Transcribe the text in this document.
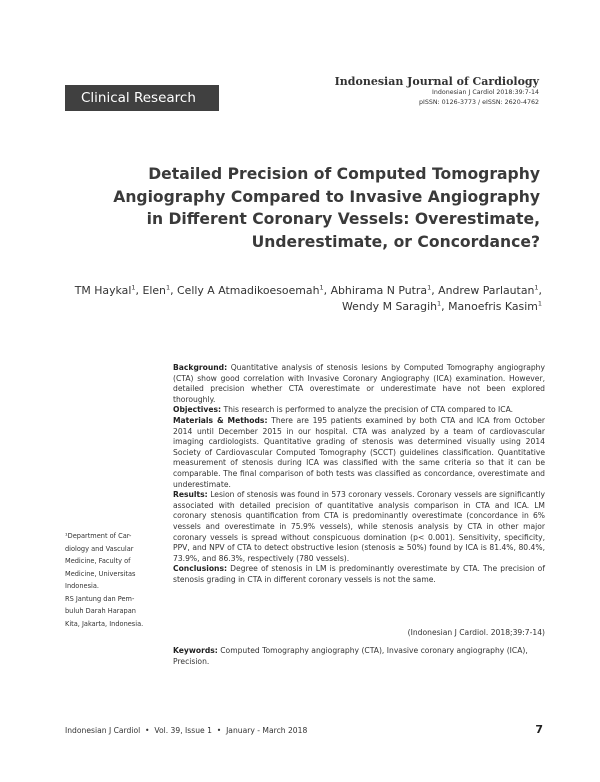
Indonesian Journal of Cardiology
Indonesian J Cardiol 2018:39:7-14
pISSN: 0126-3773 / eISSN: 2620-4762
Clinical Research
Detailed Precision of Computed Tomography
Angiography Compared to Invasive Angiography
in Different Coronary Vessels: Overestimate,
Underestimate, or Concordance?
TM Haykal$^1$, Elen$^1$, Celly A Atmadikoesoemah$^1$, Abhirama N Putra$^1$, Andrew Parlautan$^1$,
Wendy M Saragih$^1$, Manoefris Kasim$^1$

¹Department of Car-

diology and Vascular

Medicine, Faculty of

Medicine, Universitas

Indonesia.

RS Jantung dan Pem-

buluh Darah Harapan

Kita, Jakarta, Indonesia.

Background: Quantitative analysis of stenosis lesions by Computed Tomography angiography (CTA) show good correlation with Invasive Coronary Angiography (ICA) examination. However, detailed precision whether CTA overestimate or underestimate have not been explored thoroughly.

Objectives: This research is performed to analyze the precision of CTA compared to ICA.

Materials & Methods: There are 195 patients examined by both CTA and ICA from October 2014 until December 2015 in our hospital. CTA was analyzed by a team of cardiovascular imaging cardiologists. Quantitative grading of stenosis was determined visually using 2014 Society of Cardiovascular Computed Tomography (SCCT) guidelines classification. Quantitative measurement of stenosis during ICA was classified with the same criteria so that it can be comparable. The final comparison of both tests was classified as concordance, overestimate and underestimate.

Results: Lesion of stenosis was found in 573 coronary vessels. Coronary vessels are significantly associated with detailed precision of quantitative analysis comparison in CTA and ICA. LM coronary stenosis quantification from CTA is predominantly overestimate (concordance in 6% vessels and overestimate in 75.9% vessels), while stenosis analysis by CTA in other major coronary vessels is spread without conspicuous domination (p< 0.001). Sensitivity, specificity, PPV, and NPV of CTA to detect obstructive lesion (stenosis ≥ 50%) found by ICA is 81.4%, 80.4%, 73.9%, and 86.3%, respectively (780 vessels).

Conclusions: Degree of stenosis in LM is predominantly overestimate by CTA. The precision of stenosis grading in CTA in different coronary vessels is not the same.

(Indonesian J Cardiol. 2018;39:7-14)
Keywords: Computed Tomography angiography (CTA), Invasive coronary angiography (ICA), Precision.
Indonesian J Cardiol  •  Vol. 39, Issue 1  •  January - March 2018	7
